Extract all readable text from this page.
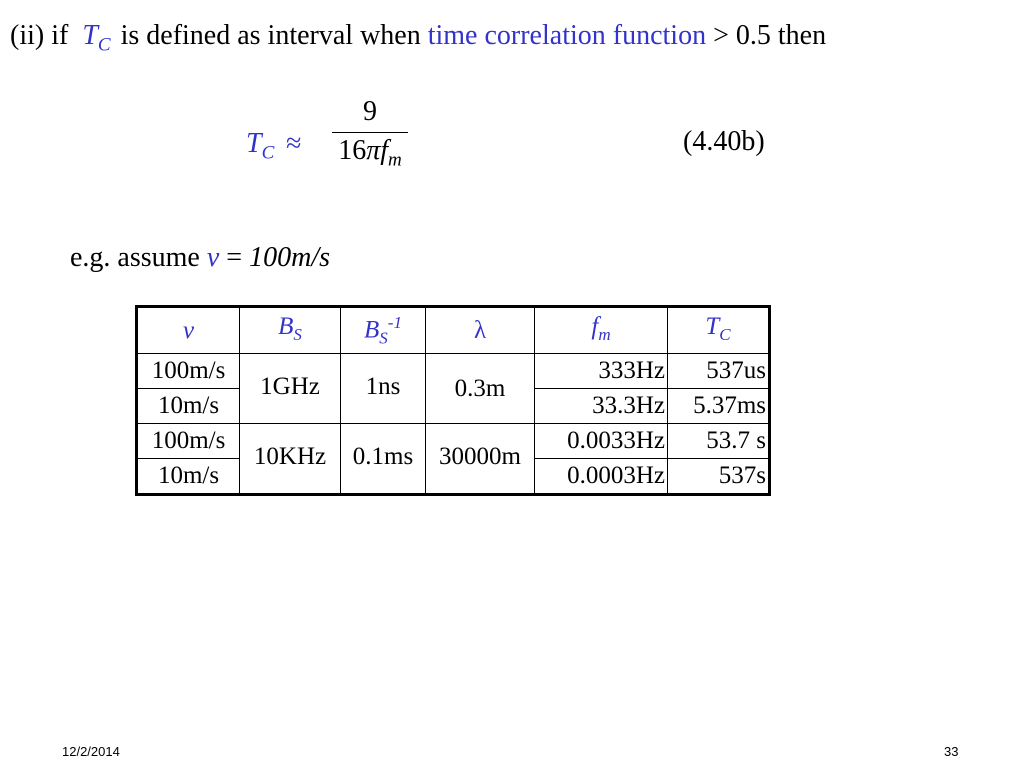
(ii) if $T_C$ is defined as interval when time correlation function > 0.5 then
$T_C$ ≈
9
$16\pi f_m$
(4.40b)
e.g. assume v = 100m/s
v	$B_S$	$B_S^{-1}$	λ	$f_m$	$T_C$
100m/s	1GHz	1ns	0.3m	333Hz	537us
10m/s				33.3Hz	5.37ms
100m/s	10KHz	0.1ms	30000m	0.0033Hz	53.7 s
10m/s				0.0003Hz	537s
12/2/2014	33
